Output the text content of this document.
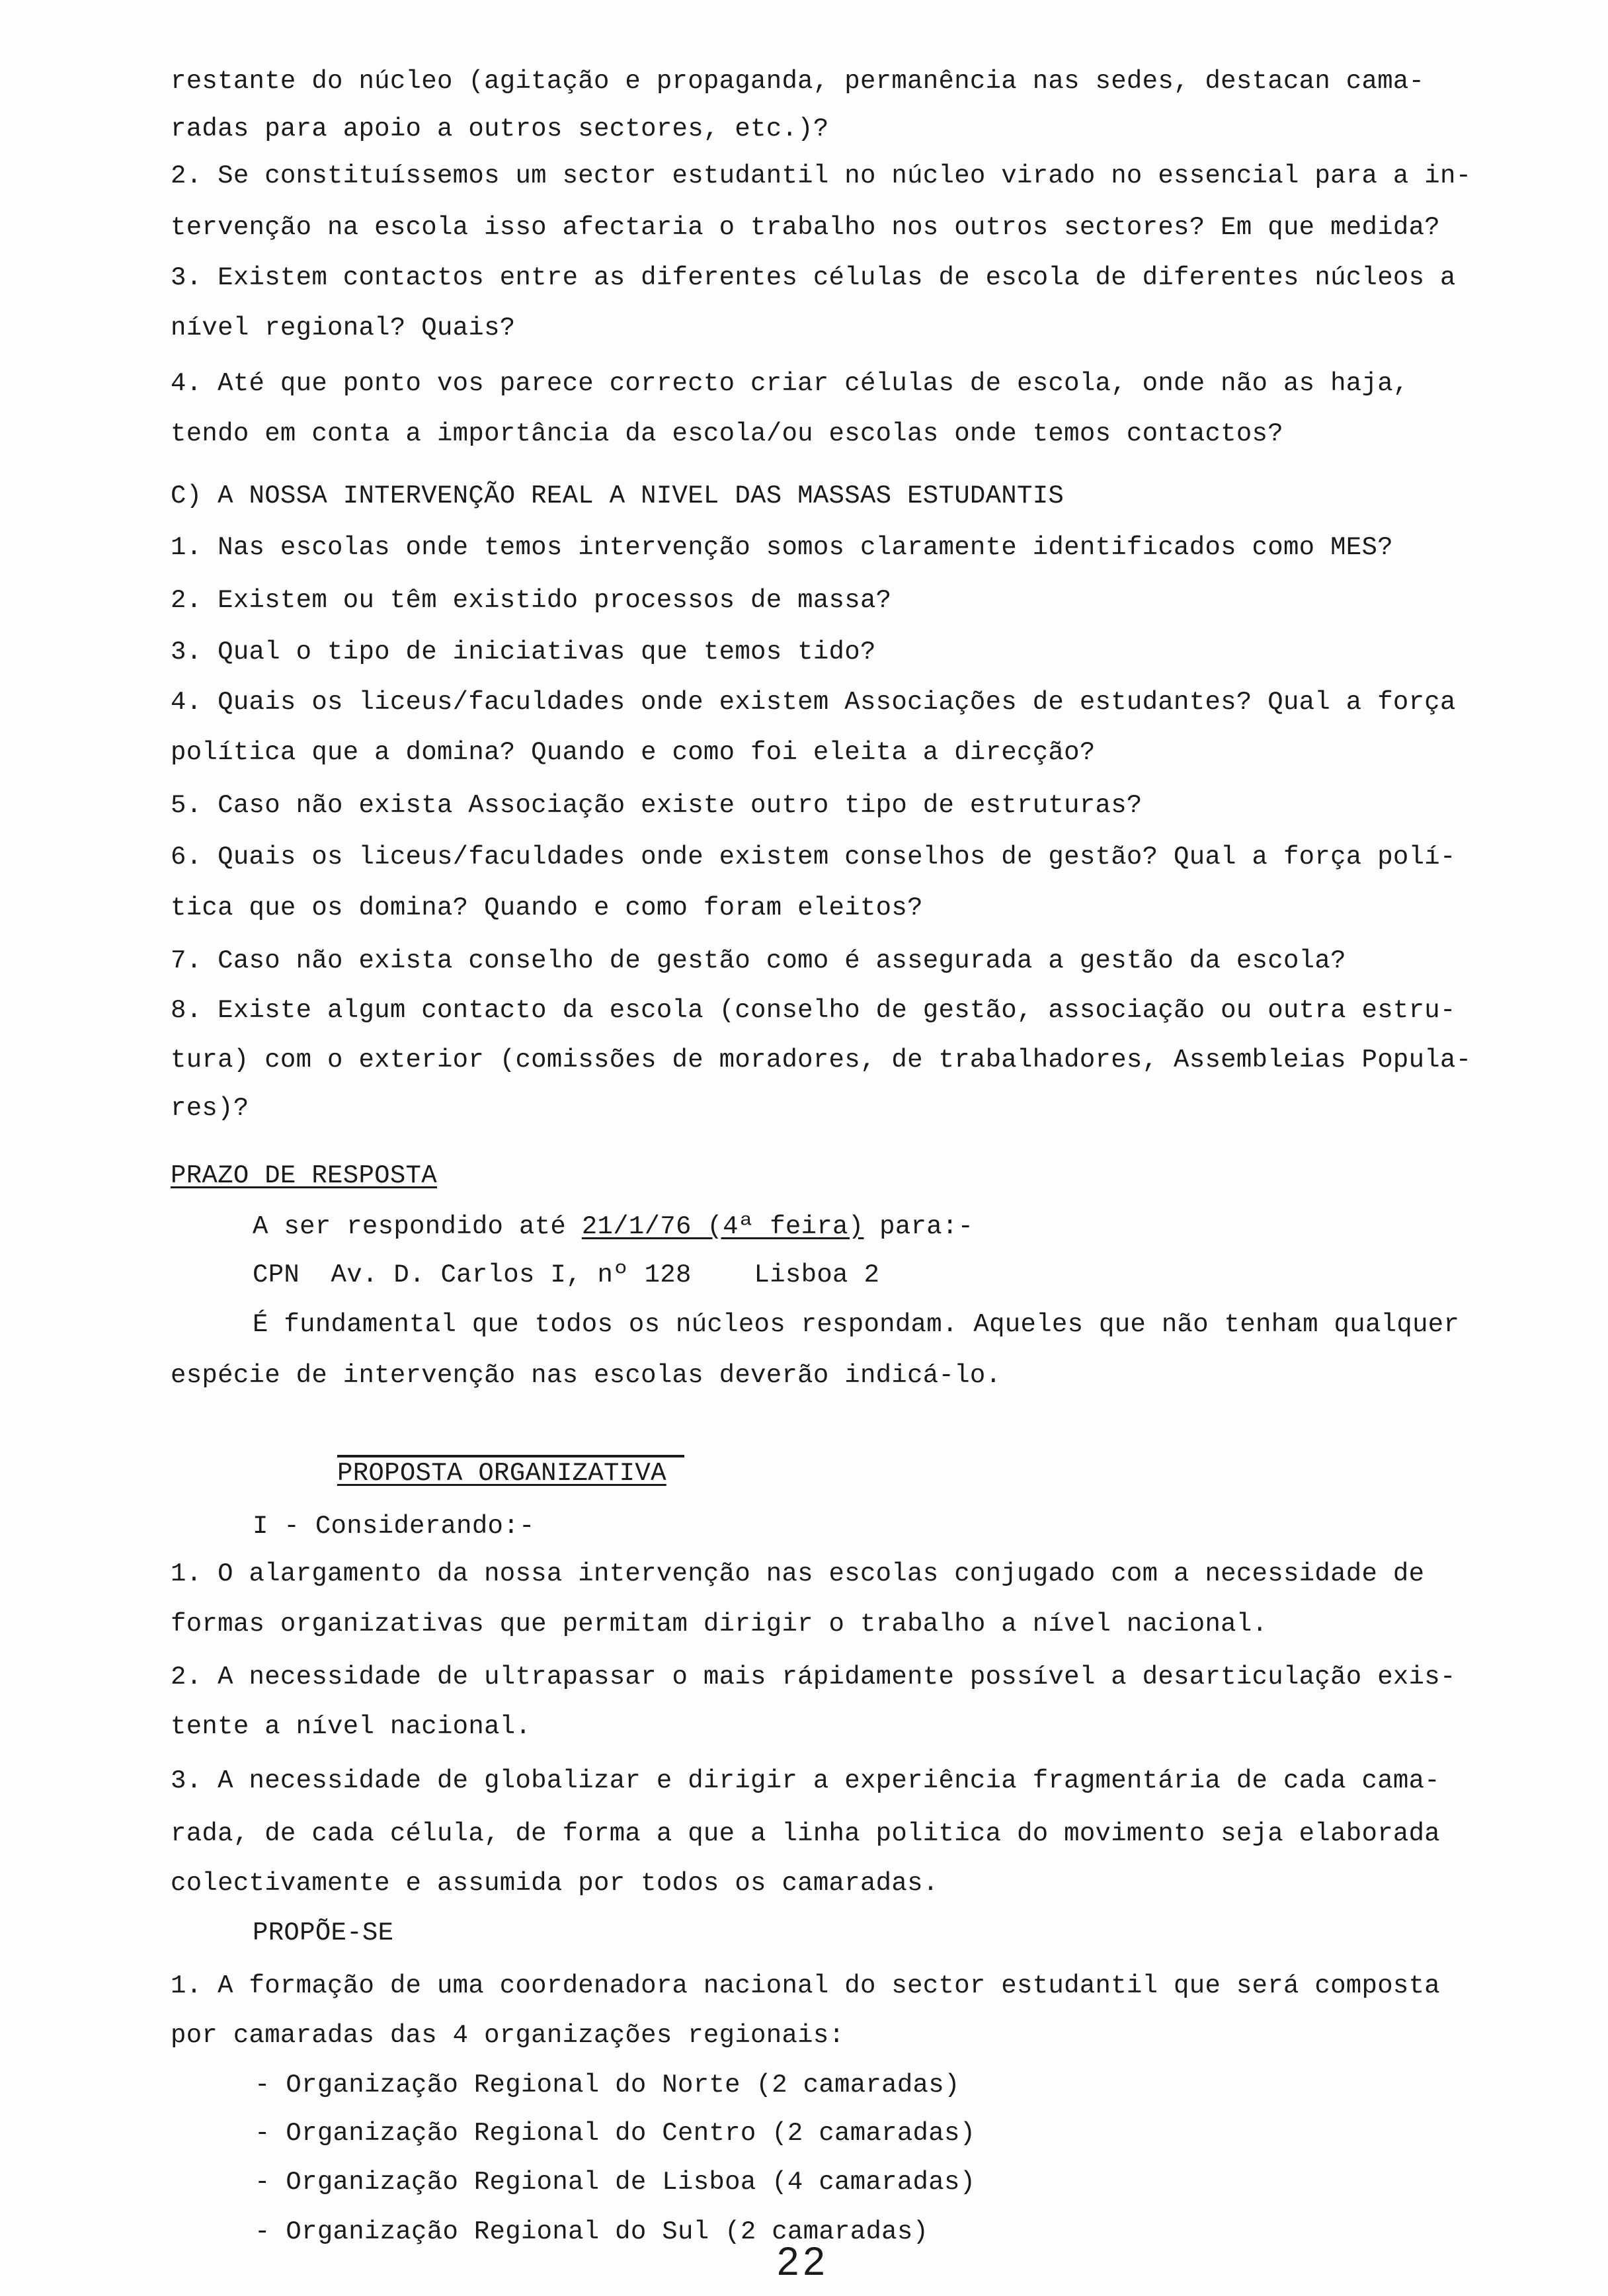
restante do núcleo (agitação e propaganda, permanência nas sedes, destacan cama-
radas para apoio a outros sectores, etc.)?
2. Se constituíssemos um sector estudantil no núcleo virado no essencial para a in-
tervenção na escola isso afectaria o trabalho nos outros sectores? Em que medida?
3. Existem contactos entre as diferentes células de escola de diferentes núcleos a
nível regional? Quais?
4. Até que ponto vos parece correcto criar células de escola, onde não as haja,
tendo em conta a importância da escola/ou escolas onde temos contactos?
C) A NOSSA INTERVENÇÃO REAL A NIVEL DAS MASSAS ESTUDANTIS
1. Nas escolas onde temos intervenção somos claramente identificados como MES?
2. Existem ou têm existido processos de massa?
3. Qual o tipo de iniciativas que temos tido?
4. Quais os liceus/faculdades onde existem Associações de estudantes? Qual a força
política que a domina? Quando e como foi eleita a direcção?
5. Caso não exista Associação existe outro tipo de estruturas?
6. Quais os liceus/faculdades onde existem conselhos de gestão? Qual a força polí-
tica que os domina? Quando e como foram eleitos?
7. Caso não exista conselho de gestão como é assegurada a gestão da escola?
8. Existe algum contacto da escola (conselho de gestão, associação ou outra estru-
tura) com o exterior (comissões de moradores, de trabalhadores, Assembleias Popula-
res)?
PRAZO DE RESPOSTA
A ser respondido até 21/1/76 (4ª feira) para:-
CPN  Av. D. Carlos I, nº 128    Lisboa 2
É fundamental que todos os núcleos respondam. Aqueles que não tenham qualquer
espécie de intervenção nas escolas deverão indicá-lo.
PROPOSTA ORGANIZATIVA
I - Considerando:-
1. O alargamento da nossa intervenção nas escolas conjugado com a necessidade de
formas organizativas que permitam dirigir o trabalho a nível nacional.
2. A necessidade de ultrapassar o mais rápidamente possível a desarticulação exis-
tente a nível nacional.
3. A necessidade de globalizar e dirigir a experiência fragmentária de cada cama-
rada, de cada célula, de forma a que a linha politica do movimento seja elaborada
colectivamente e assumida por todos os camaradas.
PROPÕE-SE
1. A formação de uma coordenadora nacional do sector estudantil que será composta
por camaradas das 4 organizações regionais:
- Organização Regional do Norte (2 camaradas)
- Organização Regional do Centro (2 camaradas)
- Organização Regional de Lisboa (4 camaradas)
- Organização Regional do Sul (2 camaradas)
22
